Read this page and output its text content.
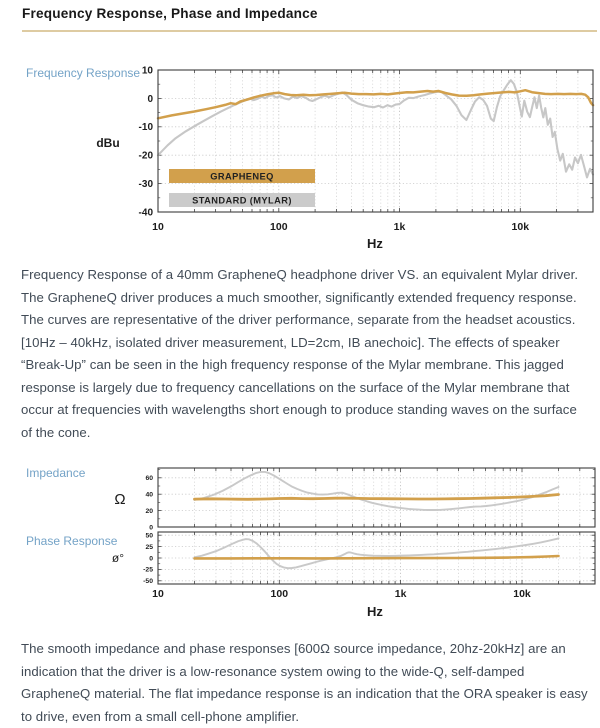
Frequency Response, Phase and Impedance
Frequency Response 10
0
-10
-20
-30
-40
10	100	1k	10k
GRAPHENEQ
STANDARD (MYLAR)
dBu
Hz

Frequency Response of a 40mm GrapheneQ headphone driver VS. an equivalent Mylar driver. The GrapheneQ driver produces a much smoother, significantly extended frequency response. The curves are representative of the driver performance, separate from the headset acoustics. [10Hz – 40kHz, isolated driver measurement, LD=2cm, IB anechoic]. The effects of speaker “Break-Up” can be seen in the high frequency response of the Mylar membrane. This jagged response is largely due to frequency cancellations on the surface of the Mylar membrane that occur at frequencies with wavelengths short enough to produce standing waves on the surface of the cone.

Impedance	60
40
20
0
Ω
Phase Response	50
25
0
-25
-50
10	100	1k	10k
ø°
Hz

The smooth impedance and phase responses [600Ω source impedance, 20hz-20kHz] are an indication that the driver is a low-resonance system owing to the wide-Q, self-damped GrapheneQ material. The flat impedance response is an indication that the ORA speaker is easy to drive, even from a small cell-phone amplifier.
